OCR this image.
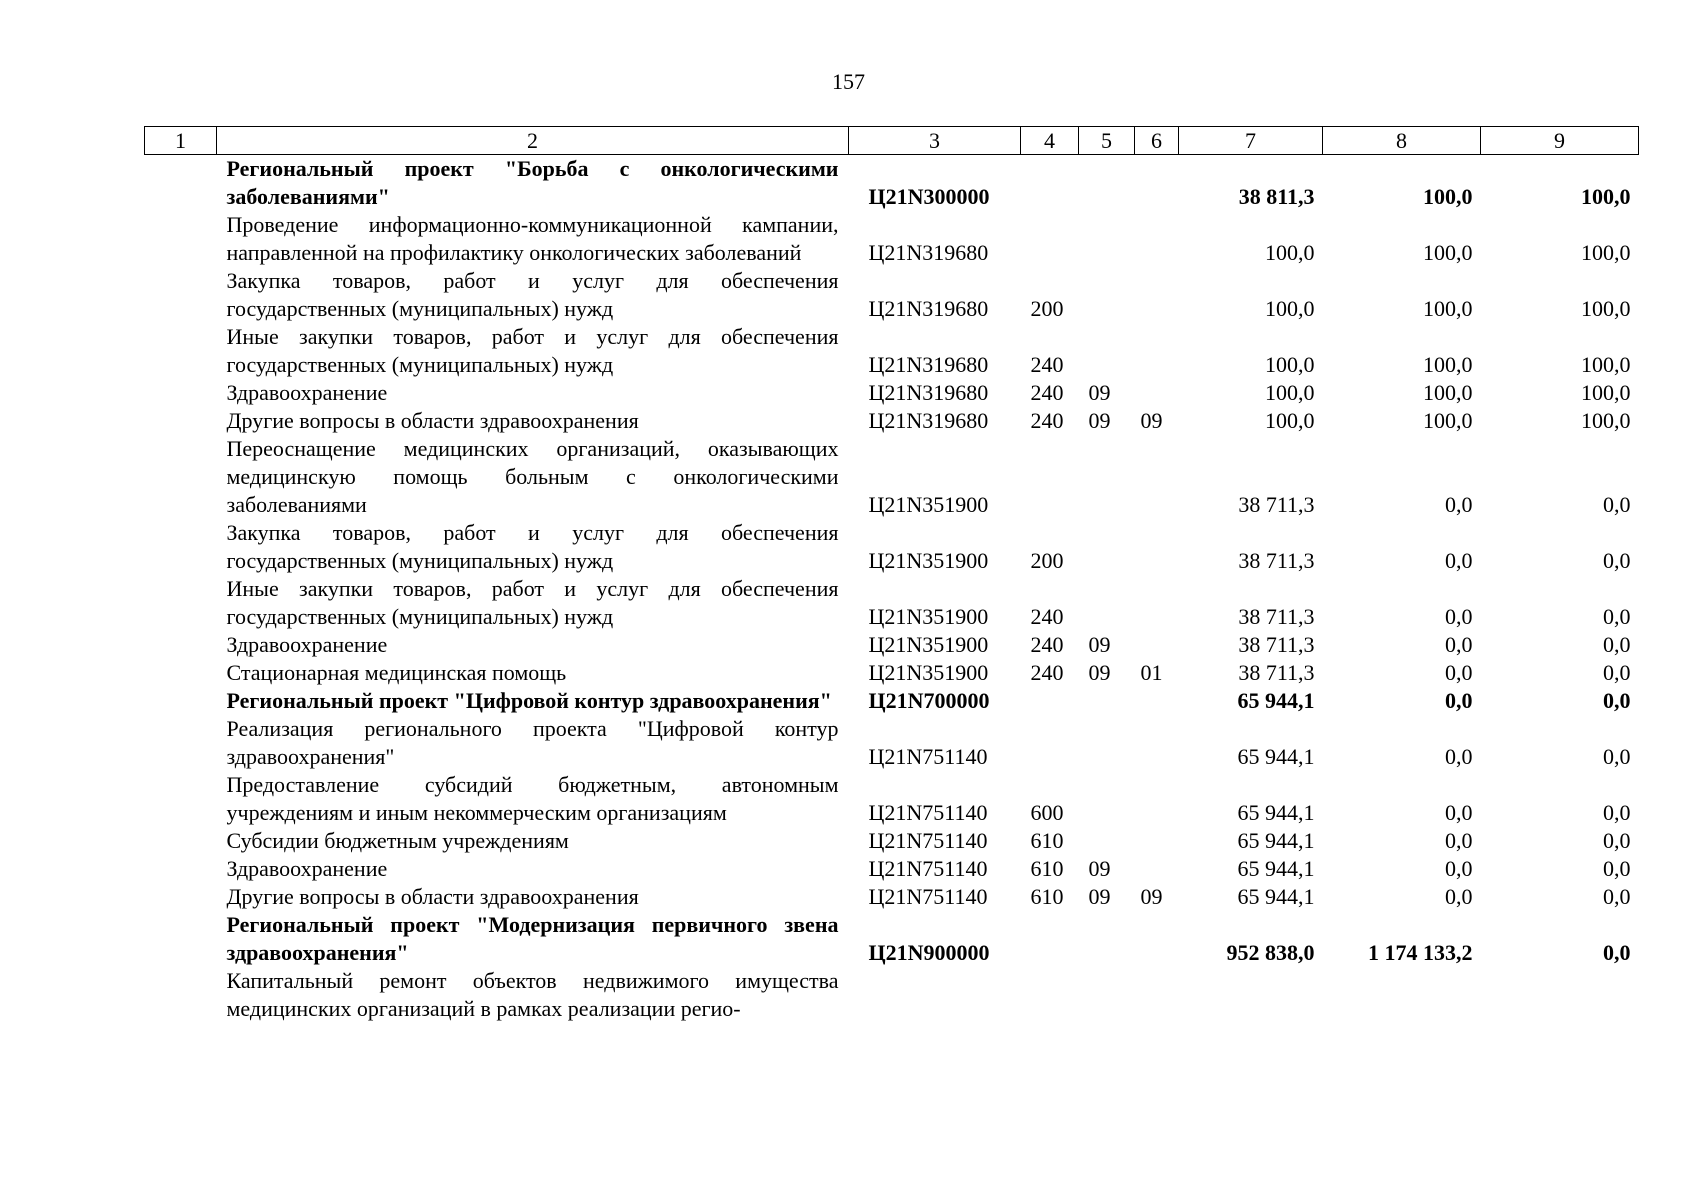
157
1	2	3	4	5	6	7	8	9
	Региональный проект "Борьба с онкологическими заболеваниями"	Ц21N300000				38 811,3	100,0	100,0
	Проведение информационно-коммуникационной кампании, направленной на профилактику онкологических заболеваний	Ц21N319680				100,0	100,0	100,0
	Закупка товаров, работ и услуг для обеспечения государственных (муниципальных) нужд	Ц21N319680	200			100,0	100,0	100,0
	Иные закупки товаров, работ и услуг для обеспечения государственных (муниципальных) нужд	Ц21N319680	240			100,0	100,0	100,0
	Здравоохранение	Ц21N319680	240	09		100,0	100,0	100,0
	Другие вопросы в области здравоохранения	Ц21N319680	240	09	09	100,0	100,0	100,0
	Переоснащение медицинских организаций, оказывающих медицинскую помощь больным с онкологическими заболеваниями	Ц21N351900				38 711,3	0,0	0,0
	Закупка товаров, работ и услуг для обеспечения государственных (муниципальных) нужд	Ц21N351900	200			38 711,3	0,0	0,0
	Иные закупки товаров, работ и услуг для обеспечения государственных (муниципальных) нужд	Ц21N351900	240			38 711,3	0,0	0,0
	Здравоохранение	Ц21N351900	240	09		38 711,3	0,0	0,0
	Стационарная медицинская помощь	Ц21N351900	240	09	01	38 711,3	0,0	0,0
	Региональный проект "Цифровой контур здравоохранения"	Ц21N700000				65 944,1	0,0	0,0
	Реализация регионального проекта "Цифровой контур здравоохранения"	Ц21N751140				65 944,1	0,0	0,0
	Предоставление субсидий бюджетным, автономным учреждениям и иным некоммерческим организациям	Ц21N751140	600			65 944,1	0,0	0,0
	Субсидии бюджетным учреждениям	Ц21N751140	610			65 944,1	0,0	0,0
	Здравоохранение	Ц21N751140	610	09		65 944,1	0,0	0,0
	Другие вопросы в области здравоохранения	Ц21N751140	610	09	09	65 944,1	0,0	0,0
	Региональный проект "Модернизация первичного звена здравоохранения"	Ц21N900000				952 838,0	1 174 133,2	0,0
	Капитальный ремонт объектов недвижимого имущества медицинских организаций в рамках реализации регио-							
